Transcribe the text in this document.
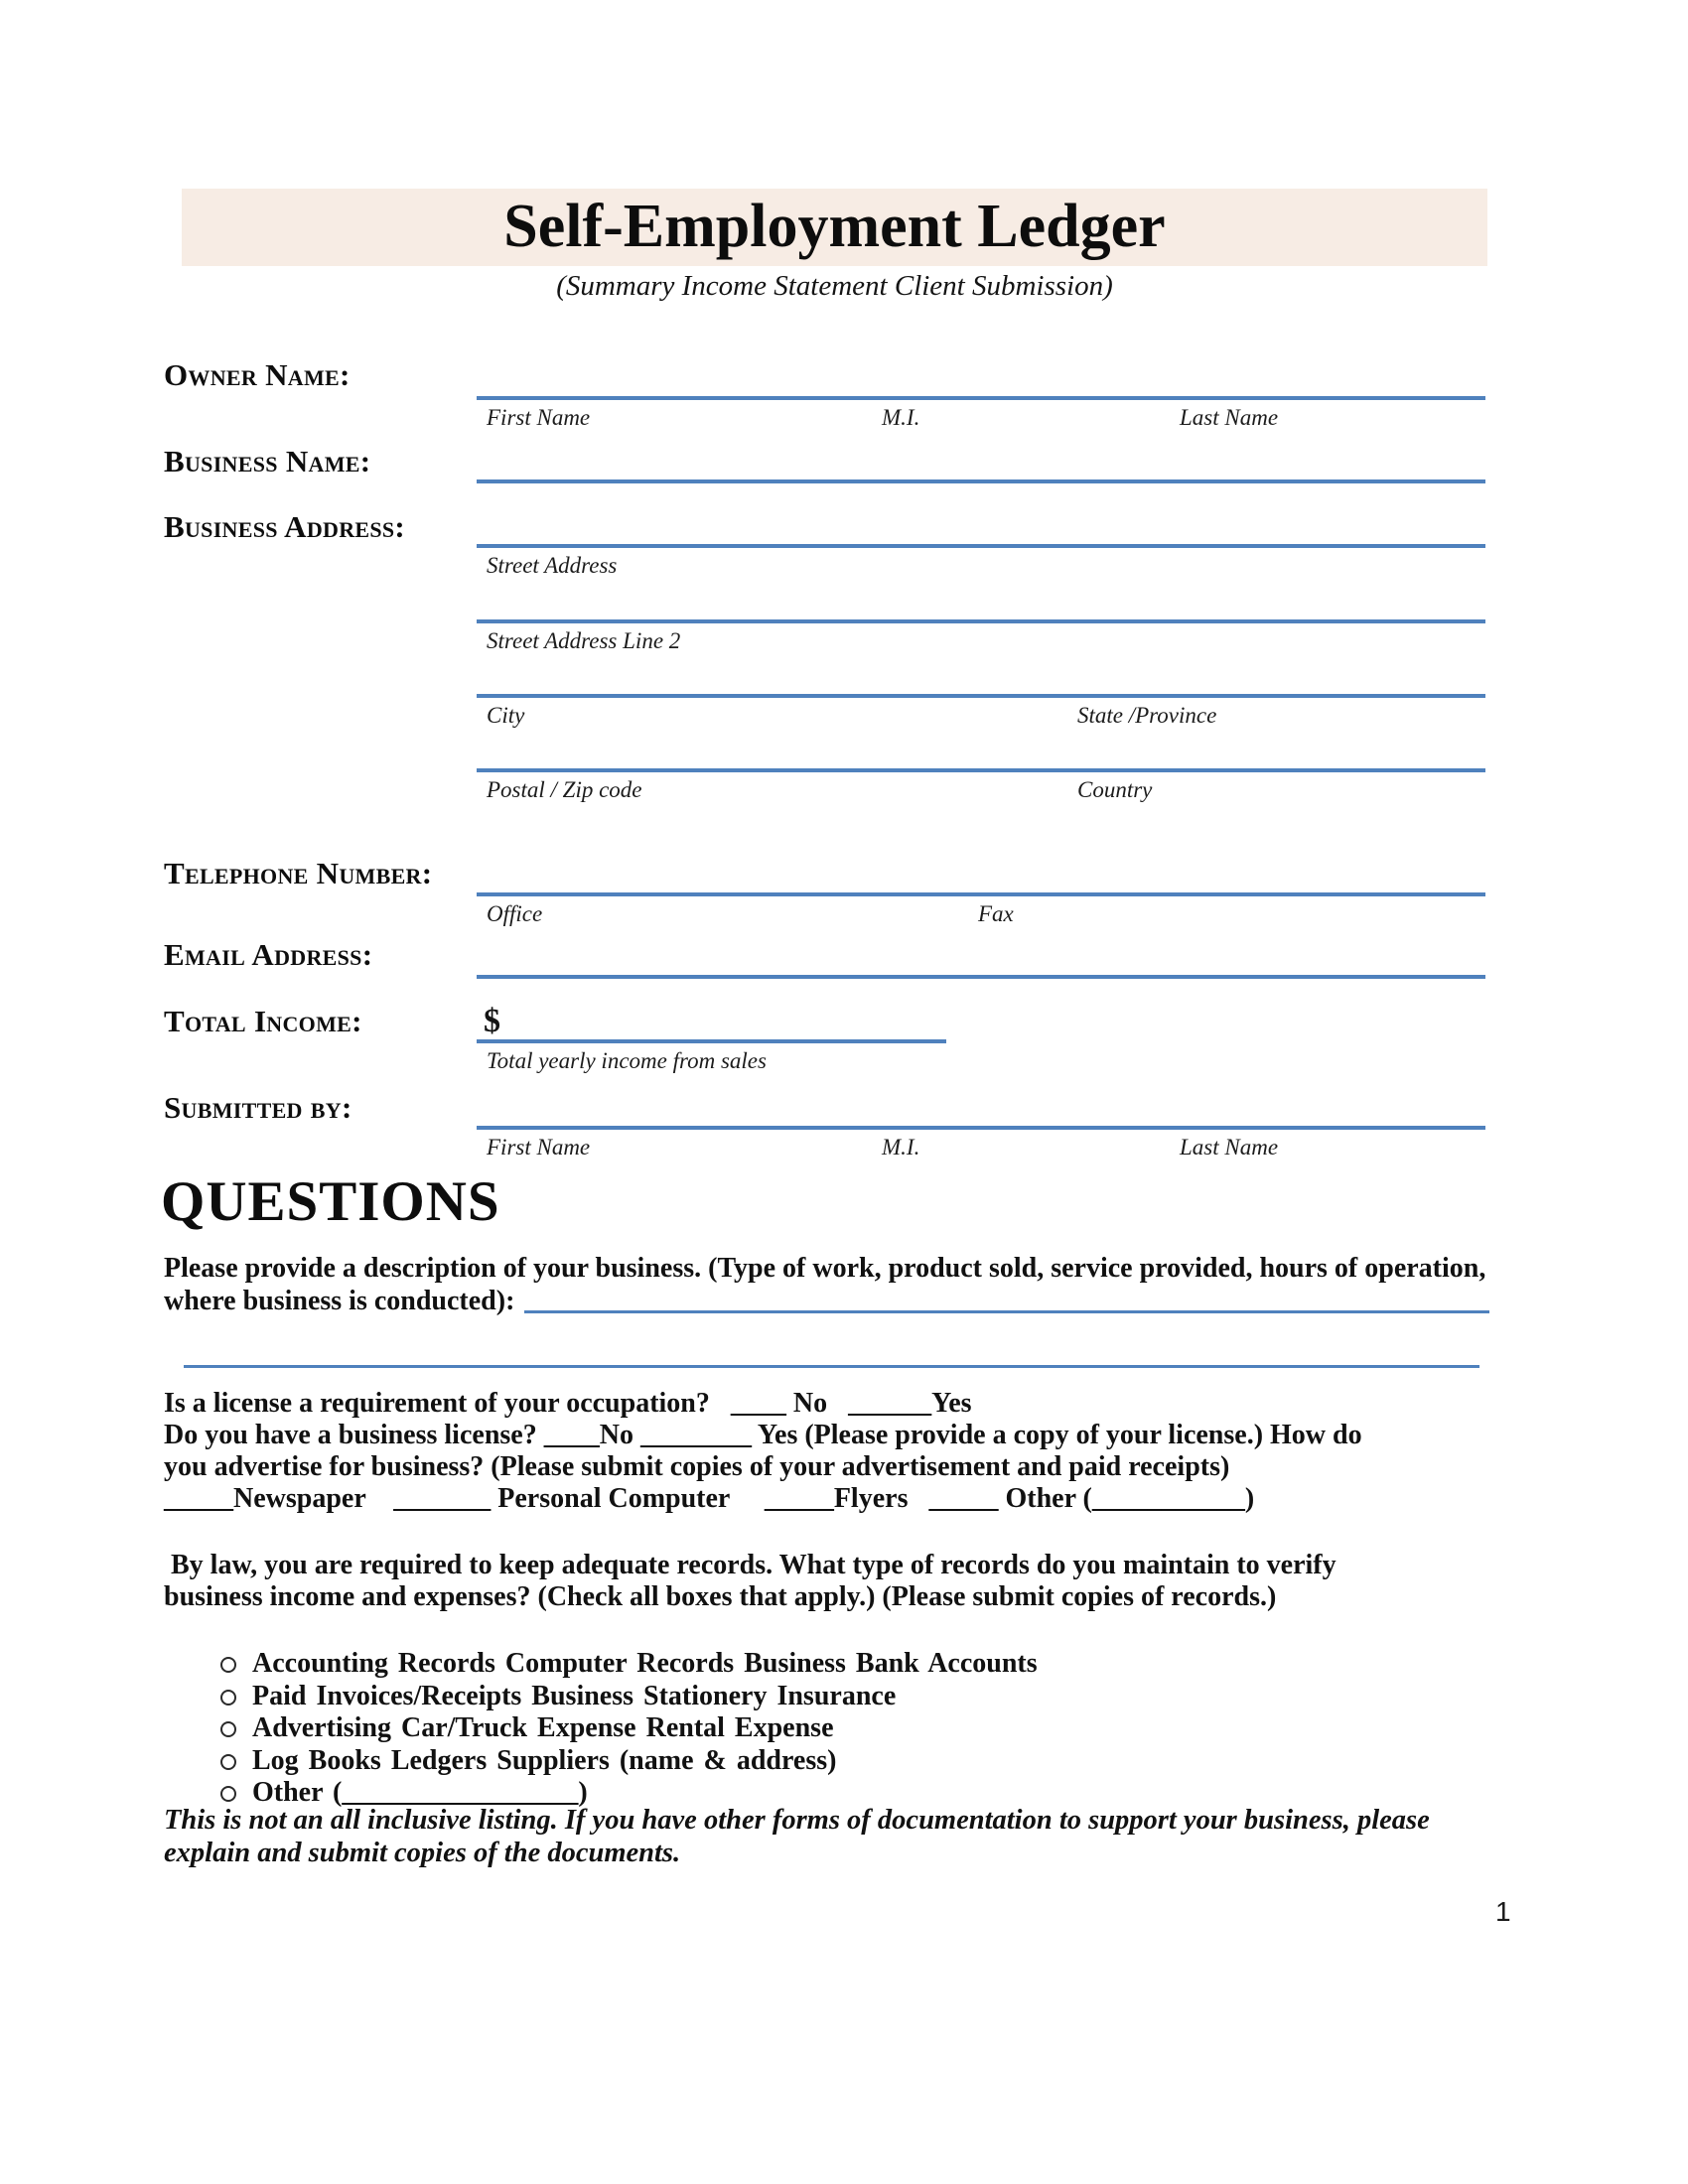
Self-Employment Ledger
(Summary Income Statement Client Submission)
Owner Name:
First Name	M.I.	Last Name
Business Name:
Business Address:
Street Address
Street Address Line 2
City	State /Province
Postal / Zip code	Country
Telephone Number:
Office	Fax
Email Address:
Total Income:	$
Total yearly income from sales
Submitted by:
First Name	M.I.	Last Name
QUESTIONS
Please provide a description of your business. (Type of work, product sold, service provided, hours of operation,
where business is conducted):
Is a license a requirement of your occupation?   ____ No   ______Yes
Do you have a business license? ____No ________ Yes (Please provide a copy of your license.) How do
you advertise for business? (Please submit copies of your advertisement and paid receipts)
_____Newspaper    _______ Personal Computer     _____Flyers   _____ Other (___________)
By law, you are required to keep adequate records. What type of records do you maintain to verify
business income and expenses? (Check all boxes that apply.) (Please submit copies of records.)
Accounting Records Computer Records Business Bank Accounts
Paid Invoices/Receipts Business Stationery Insurance
Advertising Car/Truck Expense Rental Expense
Log Books Ledgers Suppliers (name & address)
Other (_________________)
This is not an all inclusive listing. If you have other forms of documentation to support your business, please
explain and submit copies of the documents.
1
